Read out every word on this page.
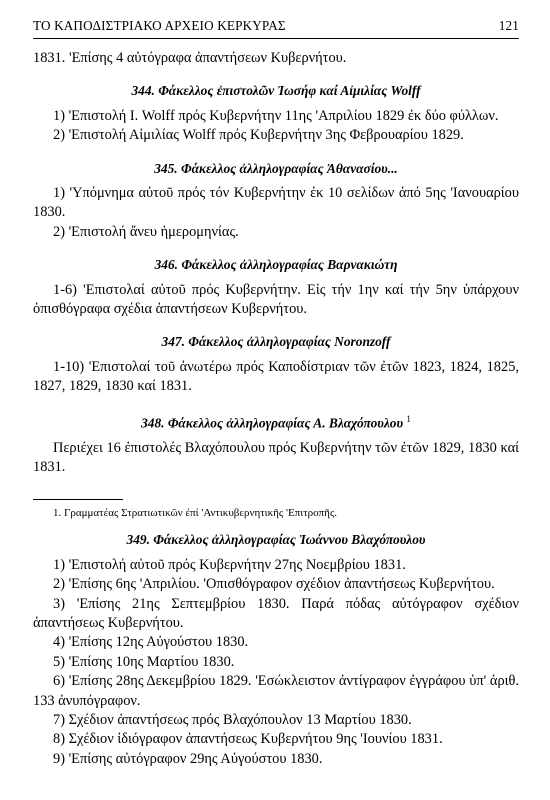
ΤΟ ΚΑΠΟΔΙΣΤΡΙΑΚΟ ΑΡΧΕΙΟ ΚΕΡΚΥΡΑΣ	121

1831. 'Επίσης 4 αὐτόγραφα ἀπαντήσεων Κυβερνήτου.

344. Φάκελλος ἐπιστολῶν Ἰωσήφ καί Αἰμιλίας Wolff

1) 'Επιστολή Ι. Wolff πρός Κυβερνήτην 11ης 'Απριλίου 1829 ἐκ δύο φύλλων.

2) 'Επιστολή Αἰμιλίας Wolff πρός Κυβερνήτην 3ης Φεβρουαρίου 1829.

345. Φάκελλος ἀλληλογραφίας Ἀθανασίου...

1) 'Υπόμνημα αὐτοῦ πρός τόν Κυβερνήτην ἐκ 10 σελίδων ἀπό 5ης 'Ιανουαρίου 1830.

2) 'Επιστολή ἄνευ ἡμερομηνίας.

346. Φάκελλος ἀλληλογραφίας Βαρνακιώτη

1-6) 'Επιστολαί αὐτοῦ πρός Κυβερνήτην. Εἰς τήν 1ην καί τήν 5ην ὑπάρχουν ὀπισθόγραφα σχέδια ἀπαντήσεων Κυβερνήτου.

347. Φάκελλος ἀλληλογραφίας Noronzoff

1-10) 'Επιστολαί τοῦ ἀνωτέρω πρός Καποδίστριαν τῶν ἐτῶν 1823, 1824, 1825, 1827, 1829, 1830 καί 1831.

348. Φάκελλος ἀλληλογραφίας Α. Βλαχόπουλου $^1$

Περιέχει 16 ἐπιστολές Βλαχόπουλου πρός Κυβερνήτην τῶν ἐτῶν 1829, 1830 καί 1831.

1. Γραμματέας Στρατιωτικῶν ἐπί 'Αντικυβερνητικῆς 'Επιτροπῆς.

349. Φάκελλος ἀλληλογραφίας Ἰωάννου Βλαχόπουλου

1) 'Επιστολή αὐτοῦ πρός Κυβερνήτην 27ης Νοεμβρίου 1831.

2) 'Επίσης 6ης 'Απριλίου. 'Οπισθόγραφον σχέδιον ἀπαντήσεως Κυβερνήτου.

3) 'Επίσης 21ης Σεπτεμβρίου 1830. Παρά πόδας αὐτόγραφον σχέδιον ἀπαντήσεως Κυβερνήτου.

4) 'Επίσης 12ης Αὐγούστου 1830.

5) 'Επίσης 10ης Μαρτίου 1830.

6) 'Επίσης 28ης Δεκεμβρίου 1829. 'Εσώκλειστον ἀντίγραφον ἐγγράφου ὑπ' ἀριθ. 133 ἀνυπόγραφον.

7) Σχέδιον ἀπαντήσεως πρός Βλαχόπουλον 13 Μαρτίου 1830.

8) Σχέδιον ἰδιόγραφον ἀπαντήσεως Κυβερνήτου 9ης 'Ιουνίου 1831.

9) 'Επίσης αὐτόγραφον 29ης Αὐγούστου 1830.
